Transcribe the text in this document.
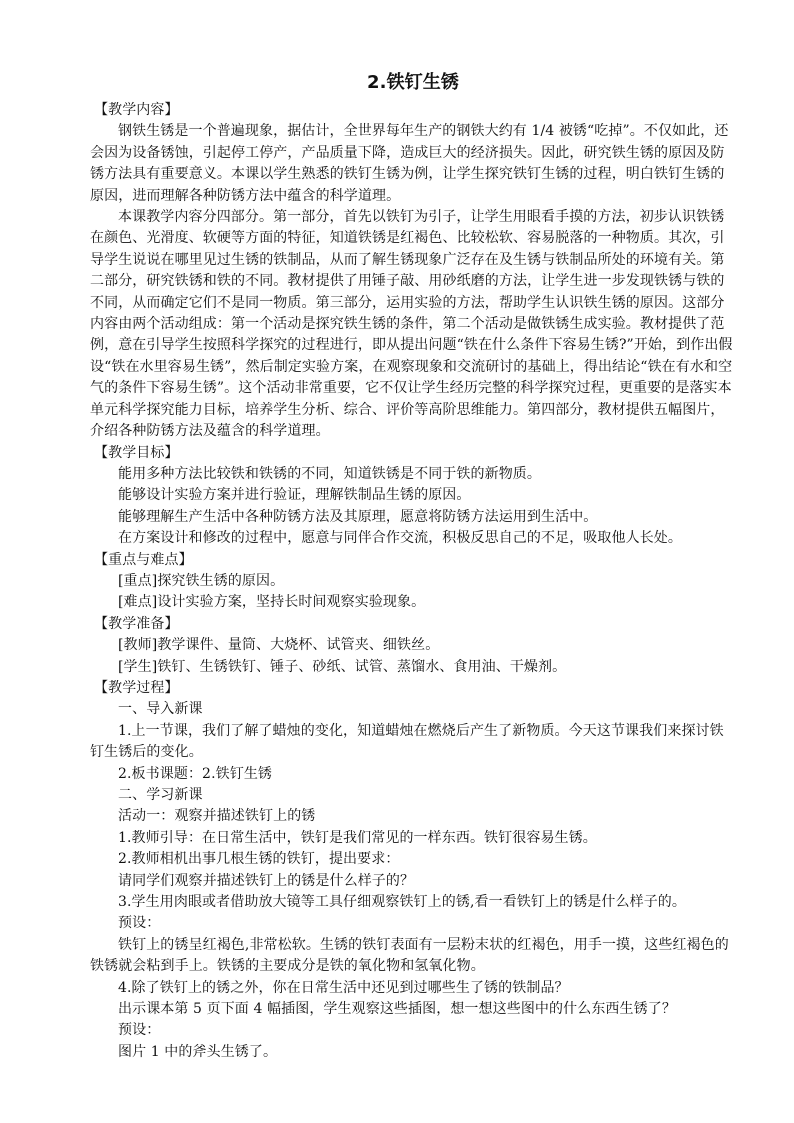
2.铁钉生锈

【教学内容】

钢铁生锈是一个普遍现象，据估计，全世界每年生产的钢铁大约有 1/4 被锈“吃掉”。不仅如此，还会因为设备锈蚀，引起停工停产，产品质量下降，造成巨大的经济损失。因此，研究铁生锈的原因及防锈方法具有重要意义。本课以学生熟悉的铁钉生锈为例，让学生探究铁钉生锈的过程，明白铁钉生锈的原因，进而理解各种防锈方法中蕴含的科学道理。

本课教学内容分四部分。第一部分，首先以铁钉为引子，让学生用眼看手摸的方法，初步认识铁锈在颜色、光滑度、软硬等方面的特征，知道铁锈是红褐色、比较松软、容易脱落的一种物质。其次，引导学生说说在哪里见过生锈的铁制品，从而了解生锈现象广泛存在及生锈与铁制品所处的环境有关。第二部分，研究铁锈和铁的不同。教材提供了用锤子敲、用砂纸磨的方法，让学生进一步发现铁锈与铁的不同，从而确定它们不是同一物质。第三部分，运用实验的方法，帮助学生认识铁生锈的原因。这部分内容由两个活动组成：第一个活动是探究铁生锈的条件，第二个活动是做铁锈生成实验。教材提供了范例，意在引导学生按照科学探究的过程进行，即从提出问题“铁在什么条件下容易生锈?”开始，到作出假设“铁在水里容易生锈”，然后制定实验方案，在观察现象和交流研讨的基础上，得出结论“铁在有水和空气的条件下容易生锈”。这个活动非常重要，它不仅让学生经历完整的科学探究过程，更重要的是落实本单元科学探究能力目标，培养学生分析、综合、评价等高阶思维能力。第四部分，教材提供五幅图片，介绍各种防锈方法及蕴含的科学道理。

【教学目标】

能用多种方法比较铁和铁锈的不同，知道铁锈是不同于铁的新物质。

能够设计实验方案并进行验证，理解铁制品生锈的原因。

能够理解生产生活中各种防锈方法及其原理，愿意将防锈方法运用到生活中。

在方案设计和修改的过程中，愿意与同伴合作交流，积极反思自己的不足，吸取他人长处。

【重点与难点】

[重点]探究铁生锈的原因。

[难点]设计实验方案，坚持长时间观察实验现象。

【教学准备】

[教师]教学课件、量筒、大烧杯、试管夹、细铁丝。

[学生]铁钉、生锈铁钉、锤子、砂纸、试管、蒸馏水、食用油、干燥剂。

【教学过程】

一、导入新课

1.上一节课，我们了解了蜡烛的变化，知道蜡烛在燃烧后产生了新物质。今天这节课我们来探讨铁钉生锈后的变化。

2.板书课题：2.铁钉生锈

二、学习新课

活动一：观察并描述铁钉上的锈

1.教师引导：在日常生活中，铁钉是我们常见的一样东西。铁钉很容易生锈。

2.教师相机出事几根生锈的铁钉，提出要求：

请同学们观察并描述铁钉上的锈是什么样子的？

3.学生用肉眼或者借助放大镜等工具仔细观察铁钉上的锈,看一看铁钉上的锈是什么样子的。

预设：

铁钉上的锈呈红褐色,非常松软。生锈的铁钉表面有一层粉末状的红褐色，用手一摸，这些红褐色的铁锈就会粘到手上。铁锈的主要成分是铁的氧化物和氢氧化物。

4.除了铁钉上的锈之外，你在日常生活中还见到过哪些生了锈的铁制品？

出示课本第 5 页下面 4 幅插图，学生观察这些插图，想一想这些图中的什么东西生锈了？

预设：

图片 1 中的斧头生锈了。
